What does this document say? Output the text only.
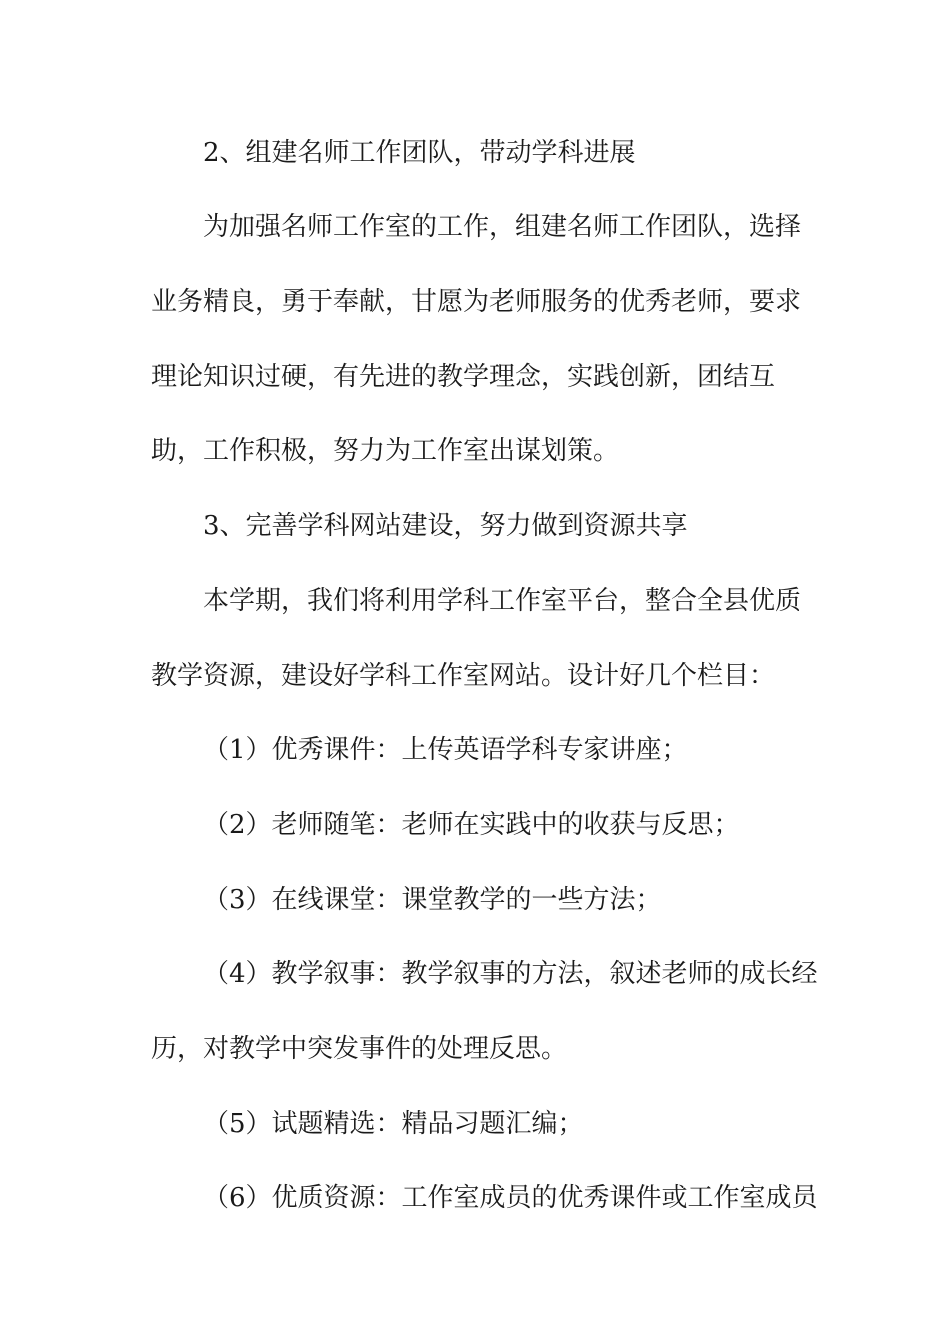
2、组建名师工作团队，带动学科进展
为加强名师工作室的工作，组建名师工作团队，选择
业务精良，勇于奉献，甘愿为老师服务的优秀老师，要求
理论知识过硬，有先进的教学理念，实践创新，团结互
助，工作积极，努力为工作室出谋划策。
3、完善学科网站建设，努力做到资源共享
本学期，我们将利用学科工作室平台，整合全县优质
教学资源，建设好学科工作室网站。设计好几个栏目：
（1）优秀课件：上传英语学科专家讲座；
（2）老师随笔：老师在实践中的收获与反思；
（3）在线课堂：课堂教学的一些方法；
（4）教学叙事：教学叙事的方法，叙述老师的成长经
历，对教学中突发事件的处理反思。
（5）试题精选：精品习题汇编；
（6）优质资源：工作室成员的优秀课件或工作室成员
